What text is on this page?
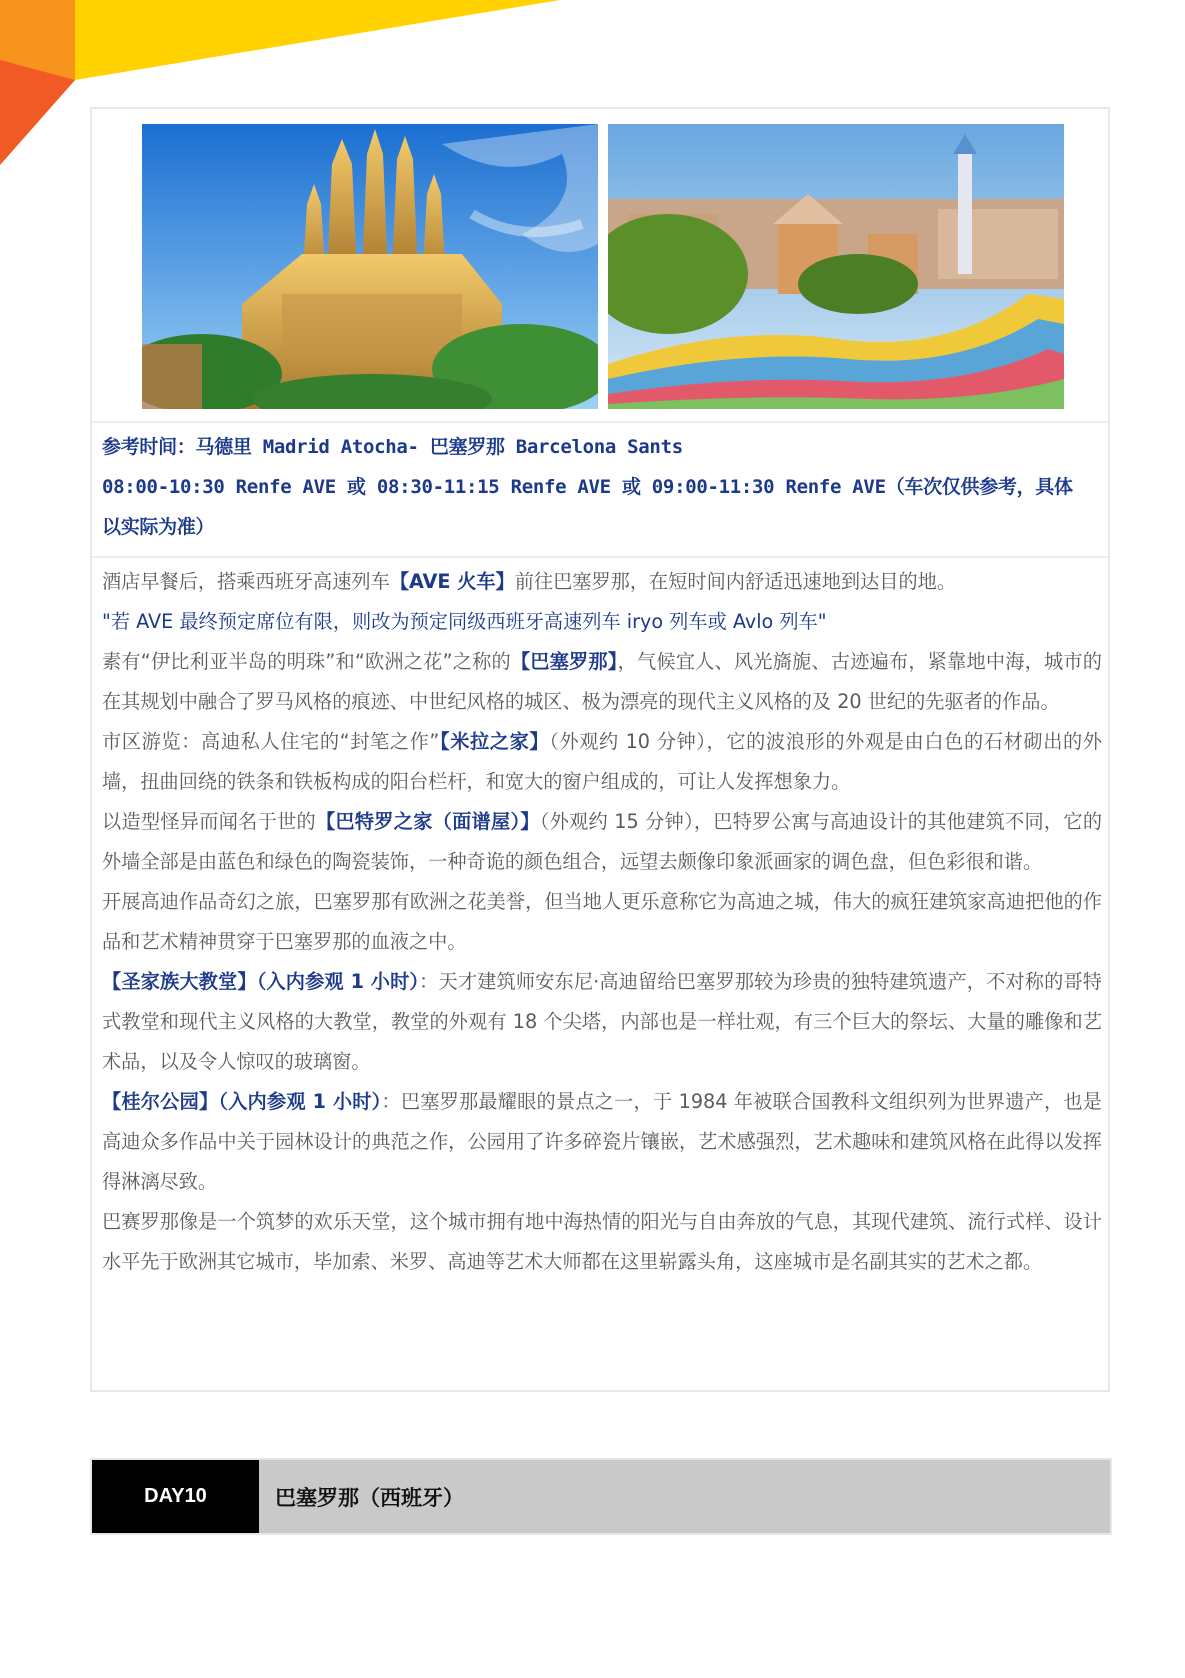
参考时间：马德里 Madrid Atocha- 巴塞罗那 Barcelona Sants
08:00-10:30 Renfe AVE 或 08:30-11:15 Renfe AVE 或 09:00-11:30 Renfe AVE（车次仅供参考，具体
以实际为准）

酒店早餐后，搭乘西班牙高速列车【AVE 火车】前往巴塞罗那，在短时间内舒适迅速地到达目的地。

"若 AVE 最终预定席位有限，则改为预定同级西班牙高速列车 iryo 列车或 Avlo 列车"

素有“伊比利亚半岛的明珠”和“欧洲之花”之称的【巴塞罗那】，气候宜人、风光旖旎、古迹遍布，紧靠地中海，城市的在其规划中融合了罗马风格的痕迹、中世纪风格的城区、极为漂亮的现代主义风格的及 20 世纪的先驱者的作品。

市区游览：高迪私人住宅的“封笔之作”【米拉之家】（外观约 10 分钟），它的波浪形的外观是由白色的石材砌出的外墙，扭曲回绕的铁条和铁板构成的阳台栏杆，和宽大的窗户组成的，可让人发挥想象力。

以造型怪异而闻名于世的【巴特罗之家（面谱屋）】（外观约 15 分钟），巴特罗公寓与高迪设计的其他建筑不同，它的外墙全部是由蓝色和绿色的陶瓷装饰，一种奇诡的颜色组合，远望去颇像印象派画家的调色盘，但色彩很和谐。

开展高迪作品奇幻之旅，巴塞罗那有欧洲之花美誉，但当地人更乐意称它为高迪之城，伟大的疯狂建筑家高迪把他的作品和艺术精神贯穿于巴塞罗那的血液之中。

【圣家族大教堂】（入内参观 1 小时）：天才建筑师安东尼·高迪留给巴塞罗那较为珍贵的独特建筑遗产，不对称的哥特式教堂和现代主义风格的大教堂，教堂的外观有 18 个尖塔，内部也是一样壮观，有三个巨大的祭坛、大量的雕像和艺术品，以及令人惊叹的玻璃窗。

【桂尔公园】（入内参观 1 小时）：巴塞罗那最耀眼的景点之一，于 1984 年被联合国教科文组织列为世界遗产，也是高迪众多作品中关于园林设计的典范之作，公园用了许多碎瓷片镶嵌，艺术感强烈，艺术趣味和建筑风格在此得以发挥得淋漓尽致。

巴赛罗那像是一个筑梦的欢乐天堂，这个城市拥有地中海热情的阳光与自由奔放的气息，其现代建筑、流行式样、设计水平先于欧洲其它城市，毕加索、米罗、高迪等艺术大师都在这里崭露头角，这座城市是名副其实的艺术之都。

DAY10	巴塞罗那（西班牙）
